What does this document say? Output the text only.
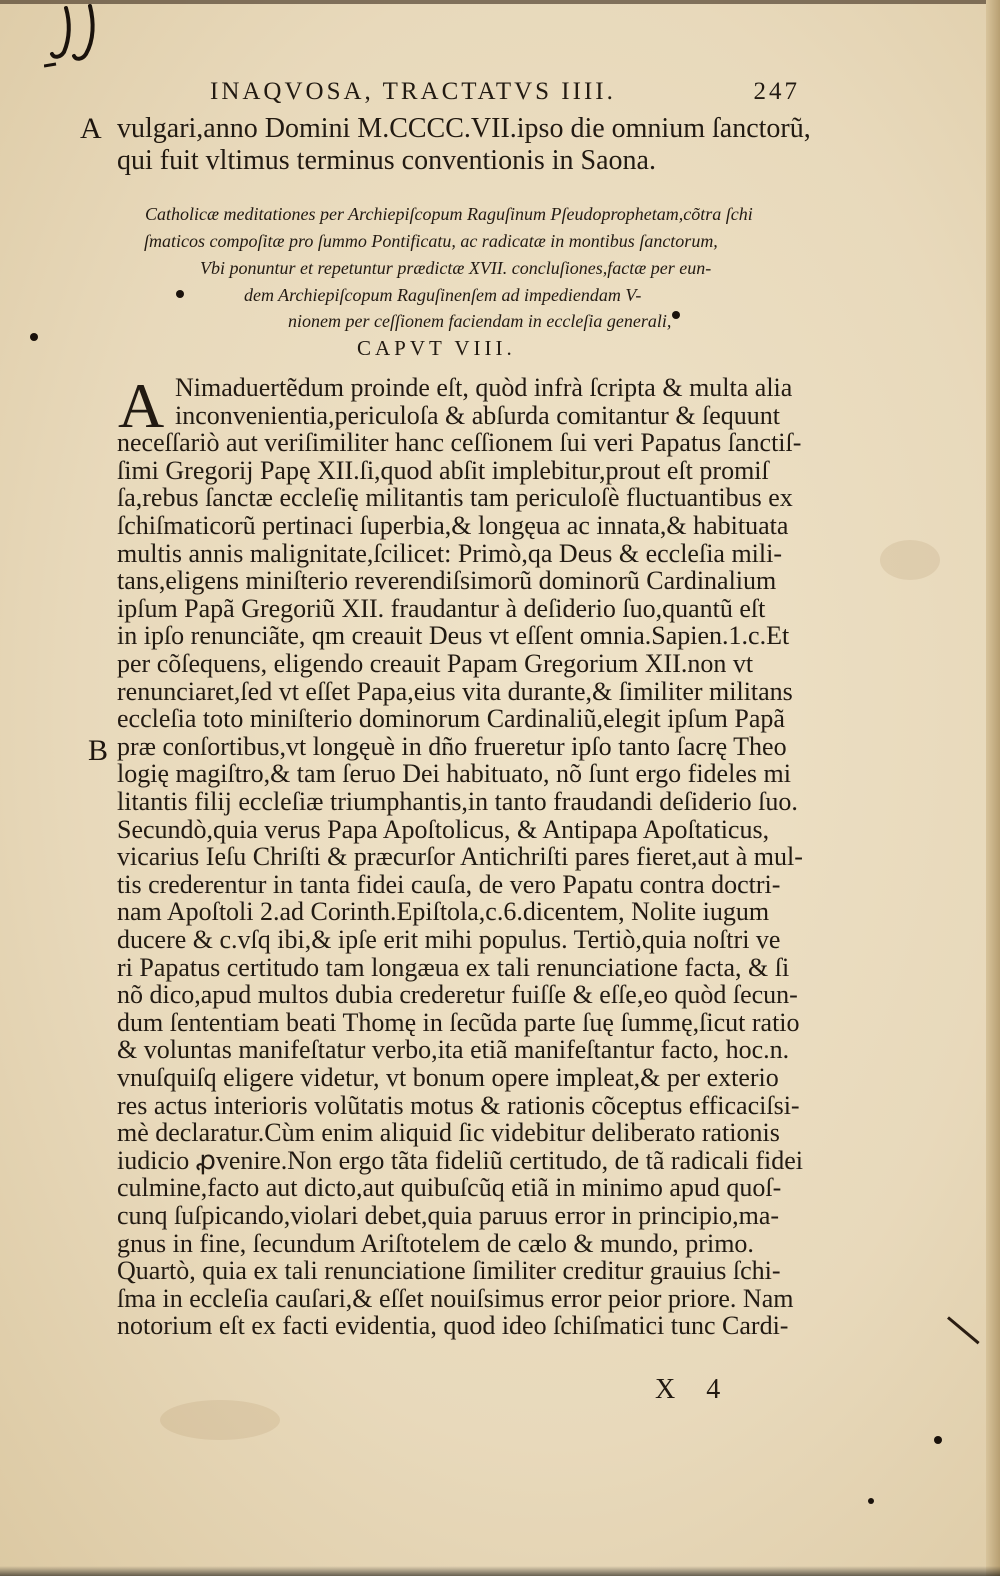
INAQVOSA, TRACTATVS IIII.	247
A vulgari,anno Domini M.CCCC.VII.ipso die omnium ſanctorũ,
qui fuit vltimus terminus conventionis in Saona.
Catholicæ meditationes per Archiepiſcopum Raguſinum Pſeudoprophetam,cõtra ſchi
ſmaticos compoſitæ pro ſummo Pontificatu, ac radicatæ in montibus ſanctorum,
Vbi ponuntur et repetuntur prædictæ XVII. concluſiones,factæ per eun-
dem Archiepiſcopum Raguſinenſem ad impediendam V-
nionem per ceſſionem faciendam in eccleſia generali,
CAPVT VIII.
A Nimaduertẽdum proinde eſt, quòd infrà ſcripta & multa alia
inconvenientia,periculoſa & abſurda comitantur & ſequunt
neceſſariò aut veriſimiliter hanc ceſſionem ſui veri Papatus ſanctiſ-
ſimi Gregorij Papę XII.ſi,quod abſit implebitur,prout eſt promiſ
ſa,rebus ſanctæ eccleſię militantis tam periculoſè fluctuantibus ex
ſchiſmaticorũ pertinaci ſuperbia,& longęua ac innata,& habituata
multis annis malignitate,ſcilicet: Primò,qa Deus & eccleſia mili-
tans,eligens miniſterio reverendiſsimorũ dominorũ Cardinalium
ipſum Papã Gregoriũ XII. fraudantur à deſiderio ſuo,quantũ eſt
in ipſo renunciãte, qm creauit Deus vt eſſent omnia.Sapien.1.c.Et
per cõſequens, eligendo creauit Papam Gregorium XII.non vt
renunciaret,ſed vt eſſet Papa,eius vita durante,& ſimiliter militans
eccleſia toto miniſterio dominorum Cardinaliũ,elegit ipſum Papã
præ conſortibus,vt longęuè in dño frueretur ipſo tanto ſacrę Theo
logię magiſtro,& tam ſeruo Dei habituato, nõ ſunt ergo fideles mi
litantis filij eccleſiæ triumphantis,in tanto fraudandi deſiderio ſuo.
Secundò,quia verus Papa Apoſtolicus, & Antipapa Apoſtaticus,
vicarius Ieſu Chriſti & præcurſor Antichriſti pares fieret,aut à mul-
tis crederentur in tanta fidei cauſa, de vero Papatu contra doctri-
nam Apoſtoli 2.ad Corinth.Epiſtola,c.6.dicentem, Nolite iugum
ducere & c.vſq ibi,& ipſe erit mihi populus. Tertiò,quia noſtri ve
ri Papatus certitudo tam longæua ex tali renunciatione facta, & ſi
nõ dico,apud multos dubia crederetur fuiſſe & eſſe,eo quòd ſecun-
dum ſententiam beati Thomę in ſecũda parte ſuę ſummę,ſicut ratio
& voluntas manifeſtatur verbo,ita etiã manifeſtantur facto, hoc.n.
vnuſquiſq eligere videtur, vt bonum opere impleat,& per exterio
res actus interioris volũtatis motus & rationis cõceptus efficaciſsi-
mè declaratur.Cùm enim aliquid ſic videbitur deliberato rationis
iudicio ꝓvenire.Non ergo tãta fideliũ certitudo, de tã radicali fidei
culmine,facto aut dicto,aut quibuſcũq etiã in minimo apud quoſ-
cunq ſuſpicando,violari debet,quia paruus error in principio,ma-
gnus in fine, ſecundum Ariſtotelem de cælo & mundo, primo.
Quartò, quia ex tali renunciatione ſimiliter creditur grauius ſchi-
ſma in eccleſia cauſari,& eſſet nouiſsimus error peior priore. Nam
notorium eſt ex facti evidentia, quod ideo ſchiſmatici tunc Cardi-
B
X 4
